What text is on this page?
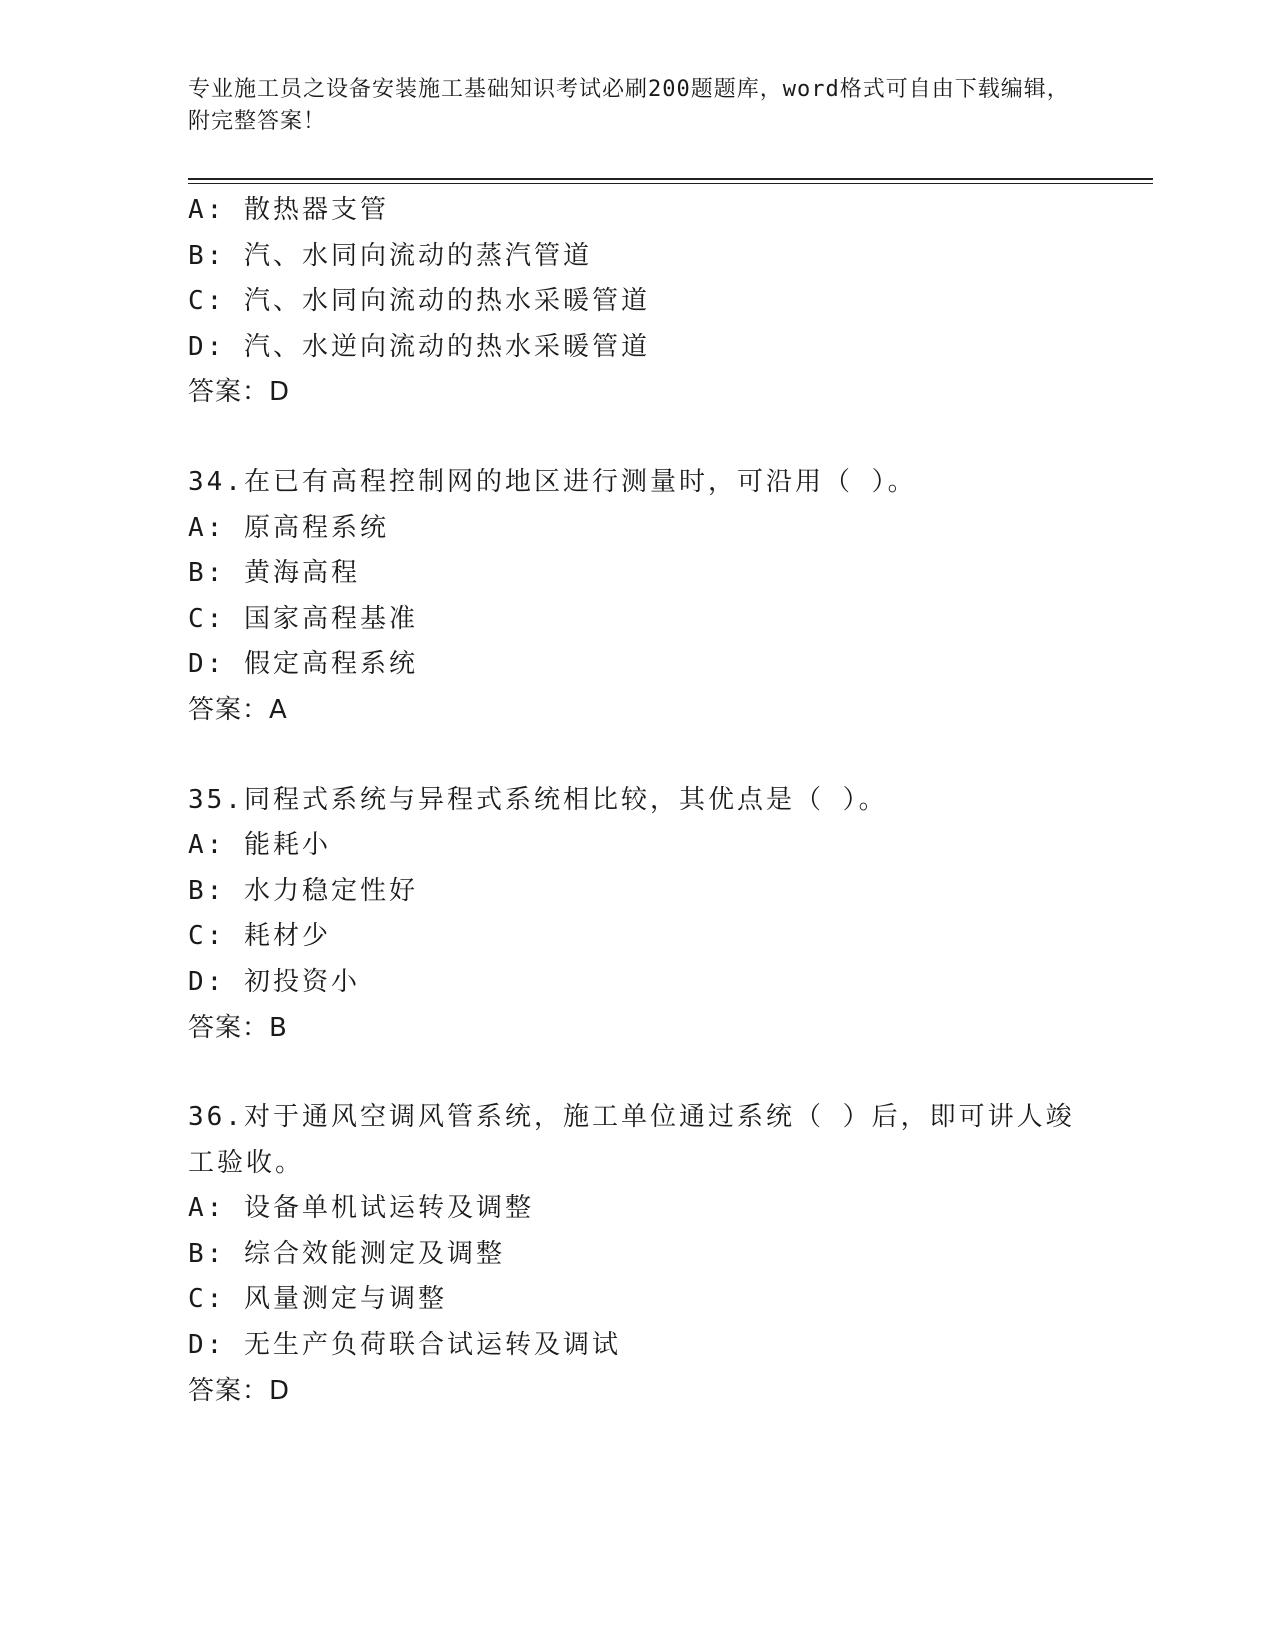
专业施工员之设备安装施工基础知识考试必刷200题题库，word格式可自由下载编辑，附完整答案！
A: 散热器支管
B: 汽、水同向流动的蒸汽管道
C: 汽、水同向流动的热水采暖管道
D: 汽、水逆向流动的热水采暖管道
答案：D
34.在已有高程控制网的地区进行测量时，可沿用（ ）。
A: 原高程系统
B: 黄海高程
C: 国家高程基准
D: 假定高程系统
答案：A
35.同程式系统与异程式系统相比较，其优点是（ ）。
A: 能耗小
B: 水力稳定性好
C: 耗材少
D: 初投资小
答案：B
36.对于通风空调风管系统，施工单位通过系统（ ）后，即可讲人竣工验收。
A: 设备单机试运转及调整
B: 综合效能测定及调整
C: 风量测定与调整
D: 无生产负荷联合试运转及调试
答案：D
